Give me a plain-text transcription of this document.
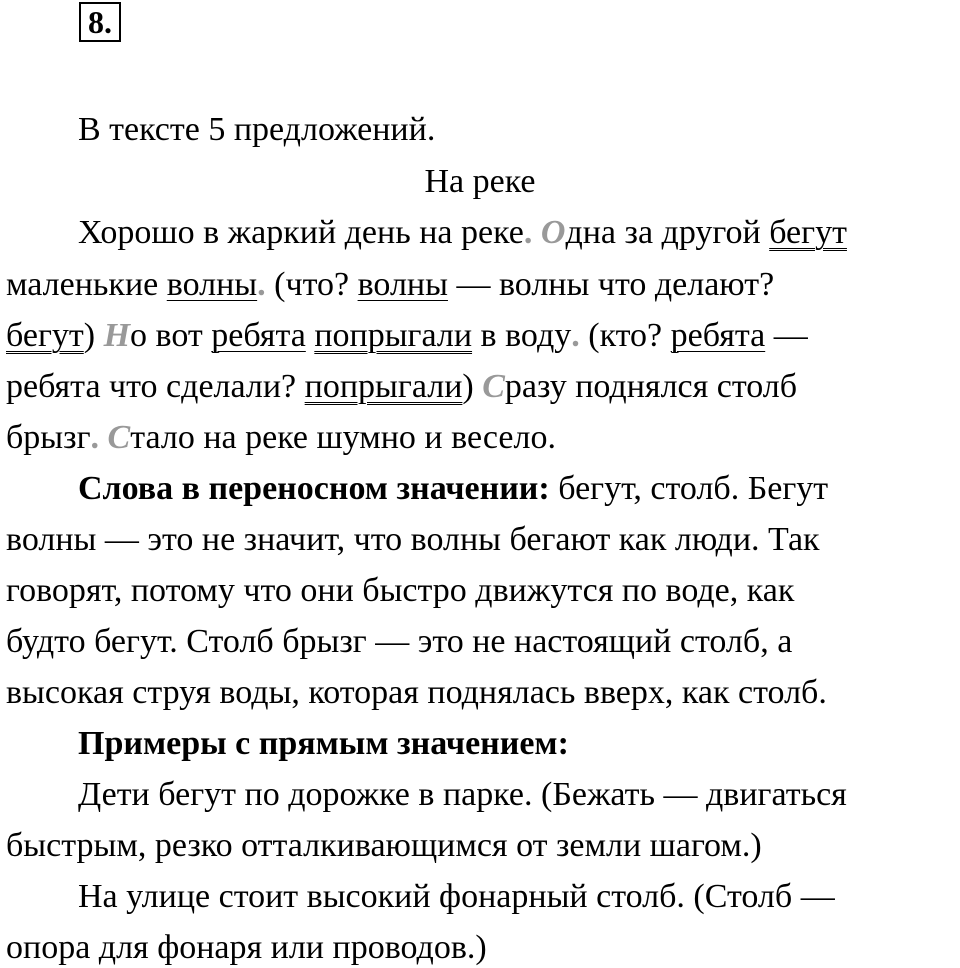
8.
В тексте 5 предложений.
На реке
Хорошо в жаркий день на реке. Одна за другой бегут
маленькие волны. (что? волны — волны что делают?
бегут) Но вот ребята попрыгали в воду. (кто? ребята —
ребята что сделали? попрыгали) Сразу поднялся столб
брызг. Стало на реке шумно и весело.
Слова в переносном значении: бегут, столб. Бегут
волны — это не значит, что волны бегают как люди. Так
говорят, потому что они быстро движутся по воде, как
будто бегут. Столб брызг — это не настоящий столб, а
высокая струя воды, которая поднялась вверх, как столб.
Примеры с прямым значением:
Дети бегут по дорожке в парке. (Бежать — двигаться
быстрым, резко отталкивающимся от земли шагом.)
На улице стоит высокий фонарный столб. (Столб —
опора для фонаря или проводов.)
